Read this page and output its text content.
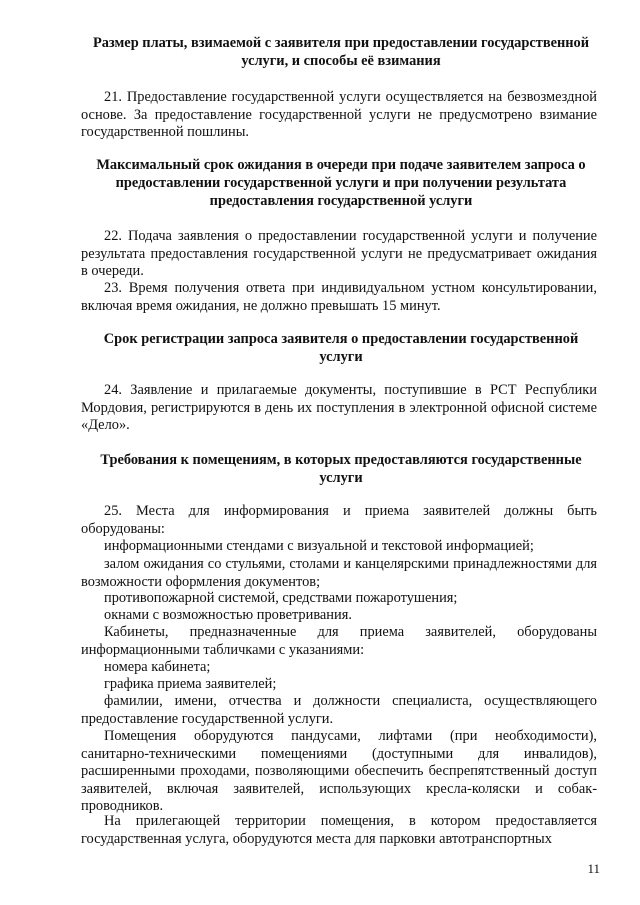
Размер платы, взимаемой с заявителя при предоставлении государственной услуги, и способы её взимания
21. Предоставление государственной услуги осуществляется на безвозмездной основе. За предоставление государственной услуги не предусмотрено взимание государственной пошлины.
Максимальный срок ожидания в очереди при подаче заявителем запроса о предоставлении государственной услуги и при получении результата предоставления государственной услуги
22. Подача заявления о предоставлении государственной услуги и получение результата предоставления государственной услуги не предусматривает ожидания в очереди.
23. Время получения ответа при индивидуальном устном консультировании, включая время ожидания, не должно превышать 15 минут.
Срок регистрации запроса заявителя о предоставлении государственной услуги
24. Заявление и прилагаемые документы, поступившие в РСТ Республики Мордовия, регистрируются в день их поступления в электронной офисной системе «Дело».
Требования к помещениям, в которых предоставляются государственные услуги
25. Места для информирования и приема заявителей должны быть оборудованы:
информационными стендами с визуальной и текстовой информацией;
залом ожидания со стульями, столами и канцелярскими принадлежностями для возможности оформления документов;
противопожарной системой, средствами пожаротушения;
окнами с возможностью проветривания.
Кабинеты, предназначенные для приема заявителей, оборудованы информационными табличками с указаниями:
номера кабинета;
графика приема заявителей;
фамилии, имени, отчества и должности специалиста, осуществляющего предоставление государственной услуги.
Помещения оборудуются пандусами, лифтами (при необходимости), санитарно-техническими помещениями (доступными для инвалидов), расширенными проходами, позволяющими обеспечить беспрепятственный доступ заявителей, включая заявителей, использующих кресла-коляски и собак-проводников.
На прилегающей территории помещения, в котором предоставляется государственная услуга, оборудуются места для парковки автотранспортных
11
